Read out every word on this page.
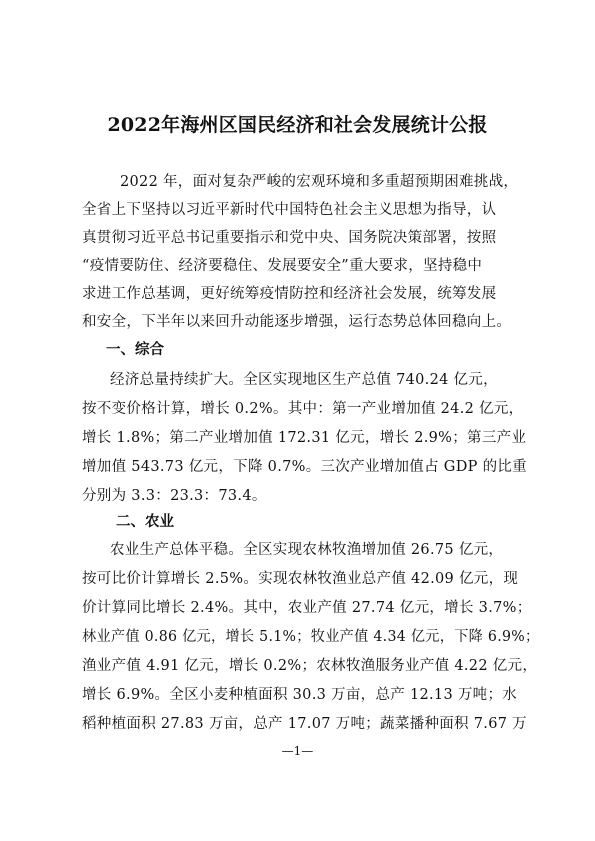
2022年海州区国民经济和社会发展统计公报

2022 年，面对复杂严峻的宏观环境和多重超预期困难挑战，

全省上下坚持以习近平新时代中国特色社会主义思想为指导，认

真贯彻习近平总书记重要指示和党中央、国务院决策部署，按照

“疫情要防住、经济要稳住、发展要安全”重大要求，坚持稳中

求进工作总基调，更好统筹疫情防控和经济社会发展，统筹发展

和安全，下半年以来回升动能逐步增强，运行态势总体回稳向上。

一、综合

经济总量持续扩大。全区实现地区生产总值 740.24 亿元，

按不变价格计算，增长 0.2%。其中：第一产业增加值 24.2 亿元，

增长 1.8%；第二产业增加值 172.31 亿元，增长 2.9%；第三产业

增加值 543.73 亿元，下降 0.7%。三次产业增加值占 GDP 的比重

分别为 3.3：23.3：73.4。

二、农业

农业生产总体平稳。全区实现农林牧渔增加值 26.75 亿元，

按可比价计算增长 2.5%。实现农林牧渔业总产值 42.09 亿元，现

价计算同比增长 2.4%。其中，农业产值 27.74 亿元，增长 3.7%；

林业产值 0.86 亿元，增长 5.1%；牧业产值 4.34 亿元，下降 6.9%；

渔业产值 4.91 亿元，增长 0.2%；农林牧渔服务业产值 4.22 亿元，

增长 6.9%。全区小麦种植面积 30.3 万亩，总产 12.13 万吨；水

稻种植面积 27.83 万亩，总产 17.07 万吨；蔬菜播种面积 7.67 万

—1—
